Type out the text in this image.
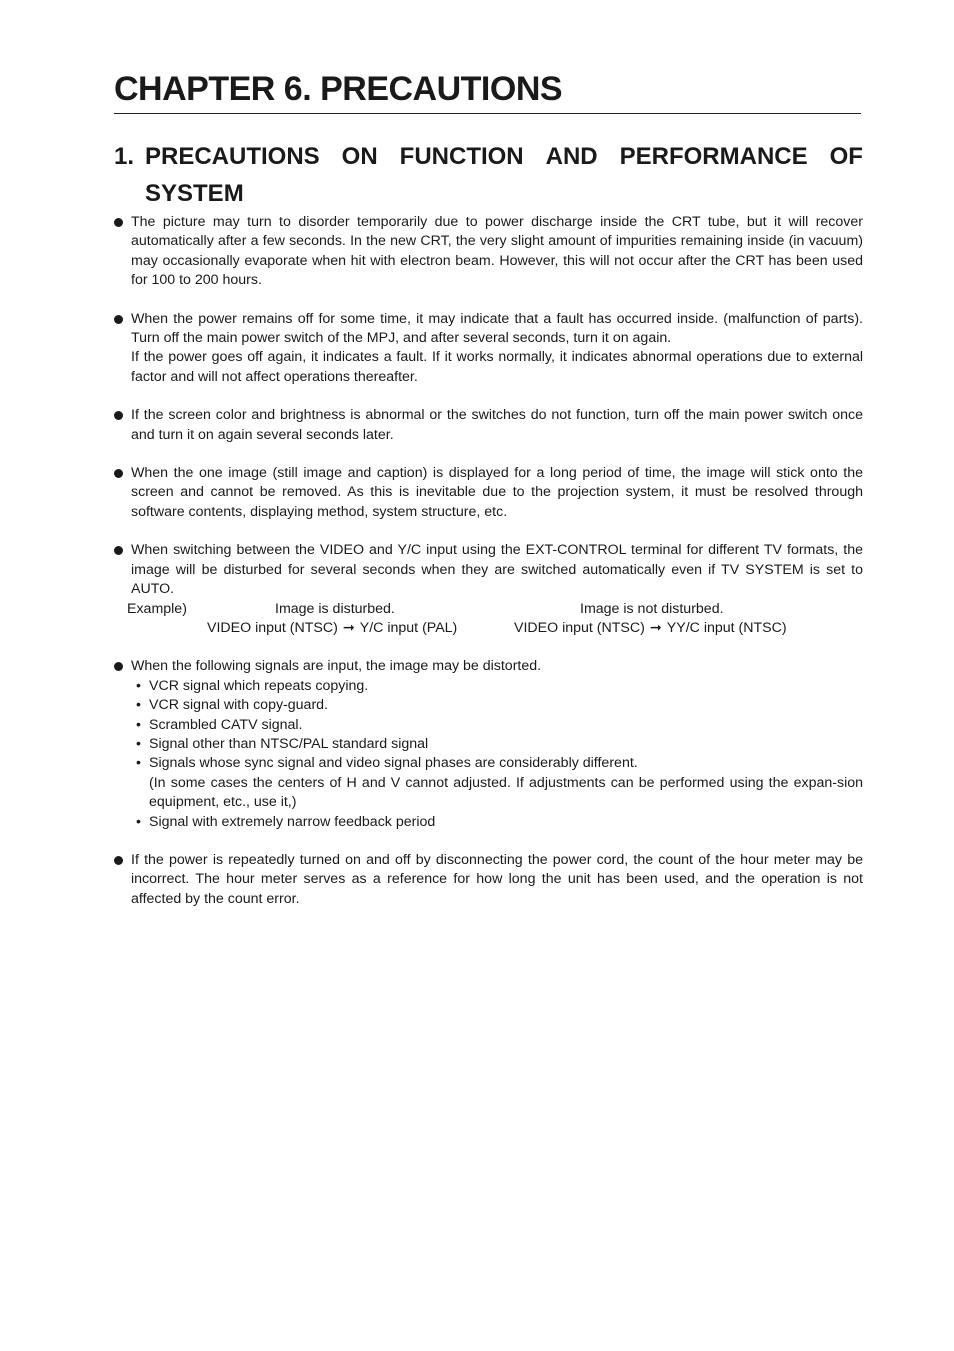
CHAPTER 6. PRECAUTIONS
1. PRECAUTIONS ON FUNCTION AND PERFORMANCE OF
SYSTEM
The picture may turn to disorder temporarily due to power discharge inside the CRT tube, but it will recover automatically after a few seconds. In the new CRT, the very slight amount of impurities remaining inside (in vacuum) may occasionally evaporate when hit with electron beam. However, this will not occur after the CRT has been used for 100 to 200 hours.
When the power remains off for some time, it may indicate that a fault has occurred inside. (malfunction of parts). Turn off the main power switch of the MPJ, and after several seconds, turn it on again.
If the power goes off again, it indicates a fault. If it works normally, it indicates abnormal operations due to external factor and will not affect operations thereafter.
If the screen color and brightness is abnormal or the switches do not function, turn off the main power switch once and turn it on again several seconds later.
When the one image (still image and caption) is displayed for a long period of time, the image will stick onto the screen and cannot be removed. As this is inevitable due to the projection system, it must be resolved through software contents, displaying method, system structure, etc.
When switching between the VIDEO and Y/C input using the EXT-CONTROL terminal for different TV formats, the image will be disturbed for several seconds when they are switched automatically even if TV SYSTEM is set to AUTO.
Example)	Image is disturbed.	Image is not disturbed.
VIDEO input (NTSC) ➞ Y/C input (PAL)	VIDEO input (NTSC) ➞ YY/C input (NTSC)
When the following signals are input, the image may be distorted.
• VCR signal which repeats copying.
• VCR signal with copy-guard.
• Scrambled CATV signal.
• Signal other than NTSC/PAL standard signal
• Signals whose sync signal and video signal phases are considerably different.
(In some cases the centers of H and V cannot adjusted. If adjustments can be performed using the expan-sion equipment, etc., use it,)
• Signal with extremely narrow feedback period
If the power is repeatedly turned on and off by disconnecting the power cord, the count of the hour meter may be incorrect. The hour meter serves as a reference for how long the unit has been used, and the operation is not affected by the count error.
